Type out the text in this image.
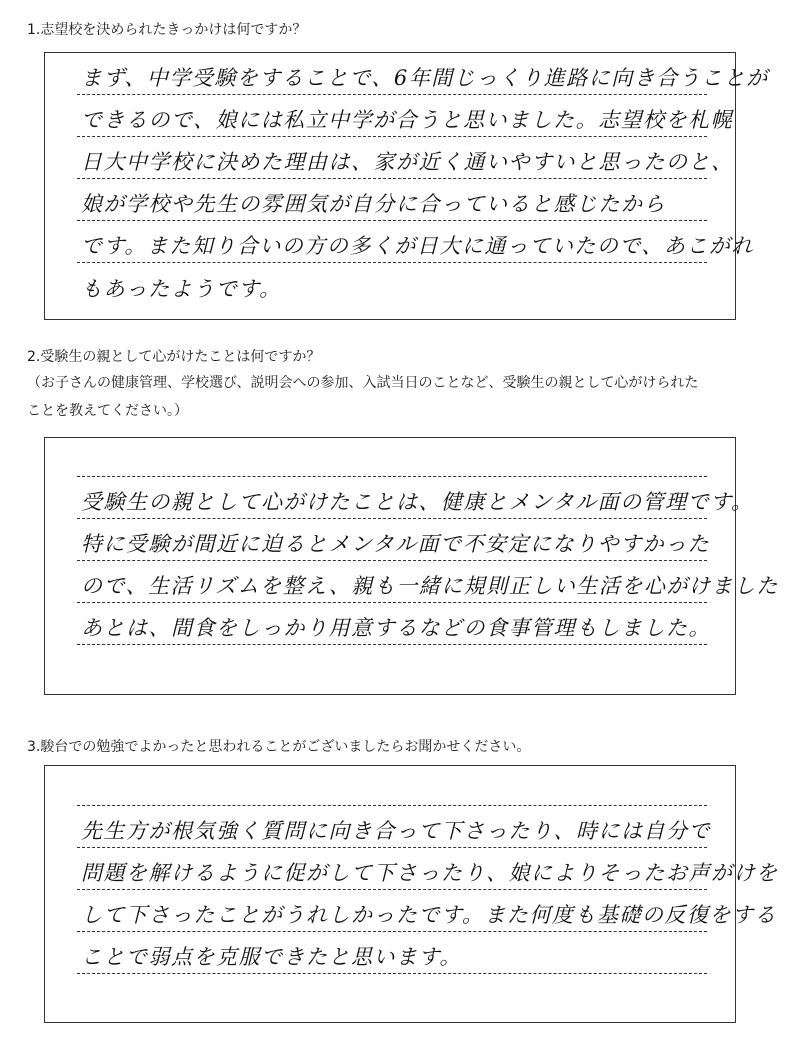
1.志望校を決められたきっかけは何ですか？
まず、中学受験をすることで、6年間じっくり進路に向き合うことが
できるので、娘には私立中学が合うと思いました。志望校を札幌
日大中学校に決めた理由は、家が近く通いやすいと思ったのと、
娘が学校や先生の雰囲気が自分に合っていると感じたから
です。また知り合いの方の多くが日大に通っていたので、あこがれ
もあったようです。
2.受験生の親として心がけたことは何ですか？
（お子さんの健康管理、学校選び、説明会への参加、入試当日のことなど、受験生の親として心がけられた
ことを教えてください。）
受験生の親として心がけたことは、健康とメンタル面の管理です。
特に受験が間近に迫るとメンタル面で不安定になりやすかった
ので、生活リズムを整え、親も一緒に規則正しい生活を心がけました
あとは、間食をしっかり用意するなどの食事管理もしました。
3.駿台での勉強でよかったと思われることがございましたらお聞かせください。
先生方が根気強く質問に向き合って下さったり、時には自分で
問題を解けるように促がして下さったり、娘によりそったお声がけを
して下さったことがうれしかったです。また何度も基礎の反復をする
ことで弱点を克服できたと思います。
